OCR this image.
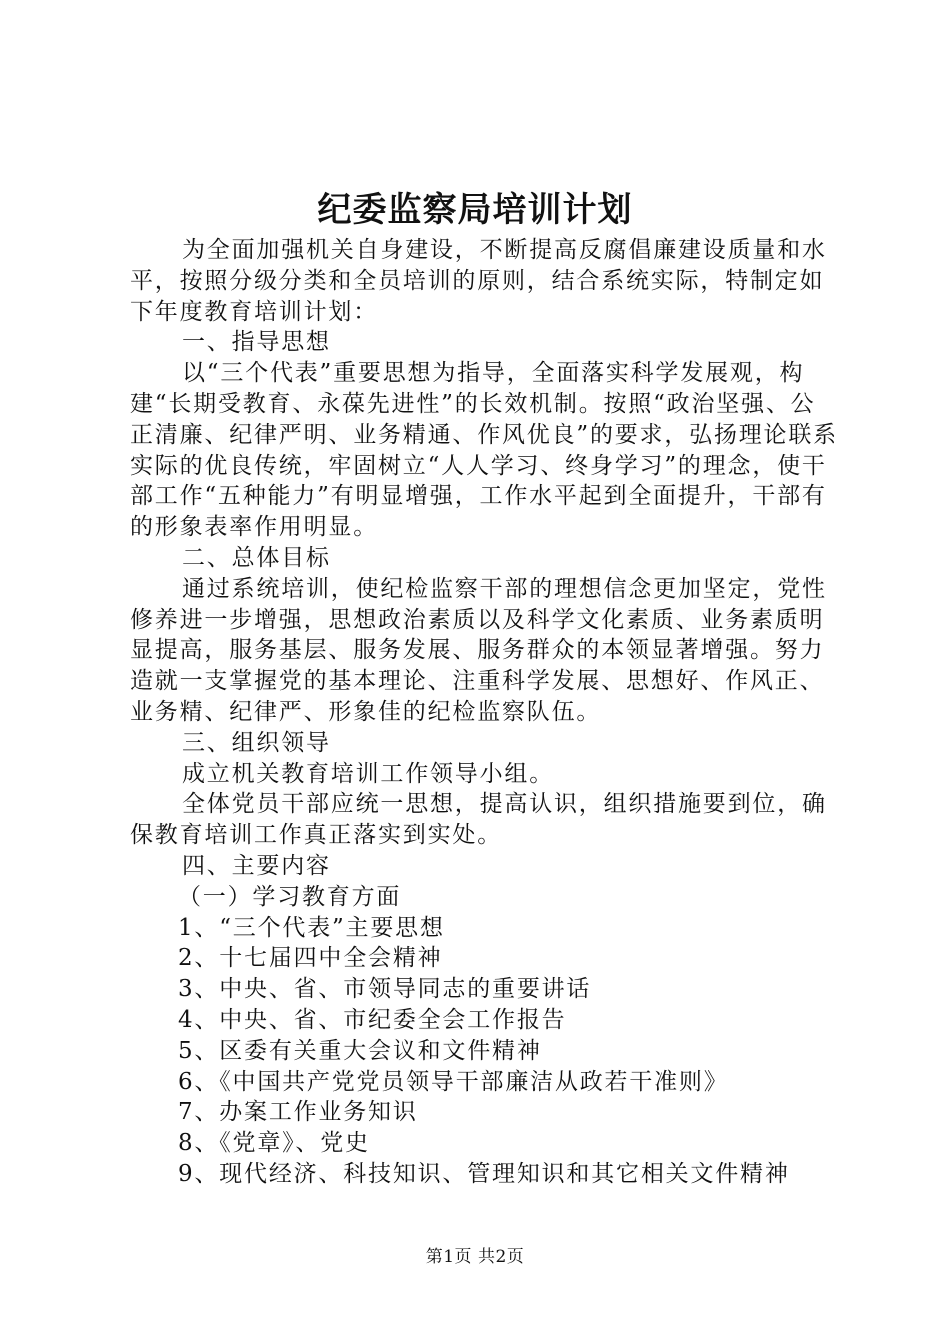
纪委监察局培训计划

为全面加强机关自身建设，不断提高反腐倡廉建设质量和水平，按照分级分类和全员培训的原则，结合系统实际，特制定如下年度教育培训计划：

一、指导思想

以“三个代表”重要思想为指导，全面落实科学发展观，构建“长期受教育、永葆先进性”的长效机制。按照“政治坚强、公正清廉、纪律严明、业务精通、作风优良”的要求，弘扬理论联系实际的优良传统，牢固树立“人人学习、终身学习”的理念，使干部工作“五种能力”有明显增强，工作水平起到全面提升，干部有的形象表率作用明显。

二、总体目标

通过系统培训，使纪检监察干部的理想信念更加坚定，党性修养进一步增强，思想政治素质以及科学文化素质、业务素质明显提高，服务基层、服务发展、服务群众的本领显著增强。努力造就一支掌握党的基本理论、注重科学发展、思想好、作风正、业务精、纪律严、形象佳的纪检监察队伍。

三、组织领导

成立机关教育培训工作领导小组。

全体党员干部应统一思想，提高认识，组织措施要到位，确保教育培训工作真正落实到实处。

四、主要内容

（一）学习教育方面

1、“三个代表”主要思想

2、十七届四中全会精神

3、中央、省、市领导同志的重要讲话

4、中央、省、市纪委全会工作报告

5、区委有关重大会议和文件精神

6、《中国共产党党员领导干部廉洁从政若干准则》

7、办案工作业务知识

8、《党章》、党史

9、现代经济、科技知识、管理知识和其它相关文件精神

第1页 共2页
